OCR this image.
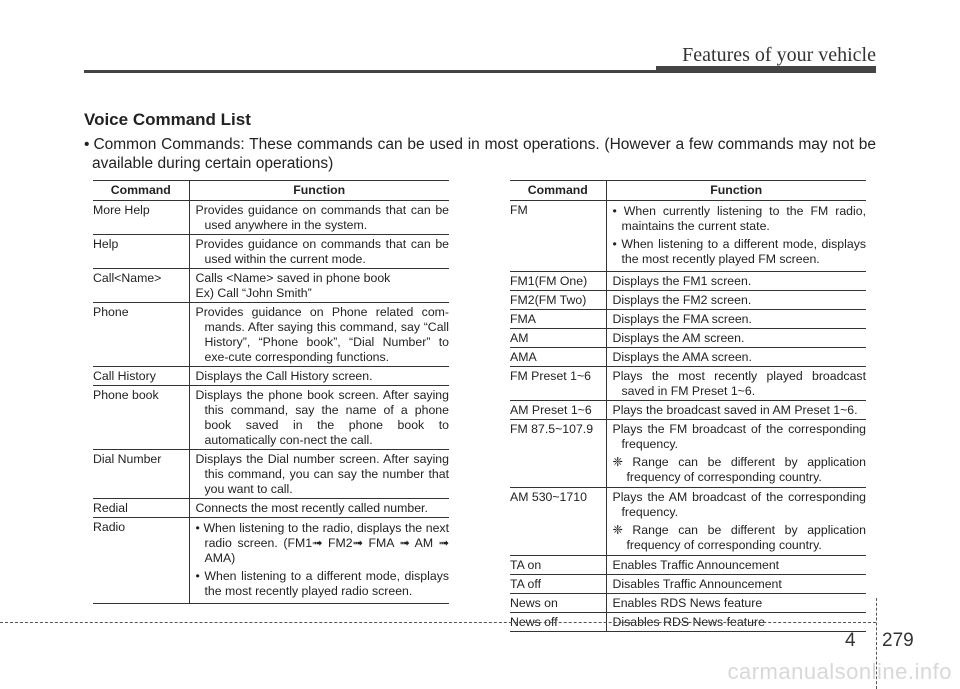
Features of your vehicle
Voice Command List

• Common Commands: These commands can be used in most operations. (However a few commands may not be available during certain operations)

Command	Function
More Help	Provides guidance on commands that can be used anywhere in the system.

Help	Provides guidance on commands that can be used within the current mode.

Call<Name>	Calls <Name> saved in phone book
Ex) Call “John Smith”

Phone	Provides guidance on Phone related com-mands. After saying this command, say “Call History”, “Phone book”, “Dial Number” to exe-cute corresponding functions.

Call History	Displays the Call History screen.

Phone book	Displays the phone book screen. After saying this command, say the name of a phone book saved in the phone book to automatically con-nect the call.

Dial Number	Displays the Dial number screen. After saying this command, you can say the number that you want to call.

Redial	Connects the most recently called number.

Radio	• When listening to the radio, displays the next radio screen. (FM1➟ FM2➟ FMA ➟ AM ➟ AMA)
• When listening to a different mode, displays the most recently played radio screen.
Command	Function
FM	• When currently listening to the FM radio, maintains the current state.
• When listening to a different mode, displays the most recently played FM screen.

FM1(FM One)	Displays the FM1 screen.

FM2(FM Two)	Displays the FM2 screen.

FMA	Displays the FMA screen.

AM	Displays the AM screen.

AMA	Displays the AMA screen.

FM Preset 1~6	Plays the most recently played broadcast saved in FM Preset 1~6.

AM Preset 1~6	Plays the broadcast saved in AM Preset 1~6.

FM 87.5~107.9	Plays the FM broadcast of the corresponding frequency.
❈ Range can be different by application frequency of corresponding country.

AM 530~1710	Plays the AM broadcast of the corresponding frequency.
❈ Range can be different by application frequency of corresponding country.

TA on	Enables Traffic Announcement

TA off	Disables Traffic Announcement

News on	Enables RDS News feature

News off	Disables RDS News feature
4 279
carmanualsonline.info
